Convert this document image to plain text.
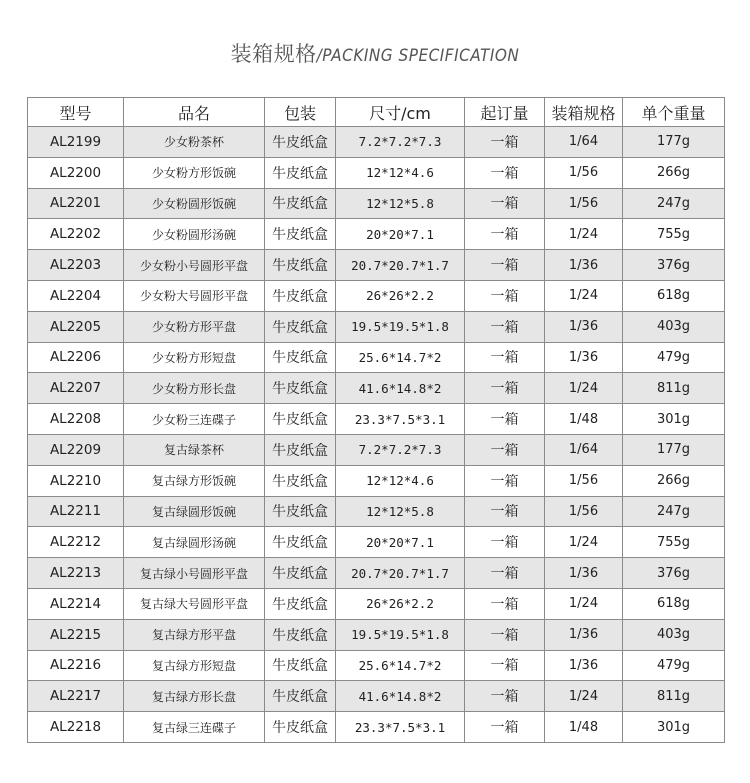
装箱规格/PACKING SPECIFICATION
型号	品名	包装	尺寸/cm	起订量	装箱规格	单个重量
AL2199	少女粉茶杯	牛皮纸盒	7.2*7.2*7.3	一箱	1/64	177g
AL2200	少女粉方形饭碗	牛皮纸盒	12*12*4.6	一箱	1/56	266g
AL2201	少女粉圆形饭碗	牛皮纸盒	12*12*5.8	一箱	1/56	247g
AL2202	少女粉圆形汤碗	牛皮纸盒	20*20*7.1	一箱	1/24	755g
AL2203	少女粉小号圆形平盘	牛皮纸盒	20.7*20.7*1.7	一箱	1/36	376g
AL2204	少女粉大号圆形平盘	牛皮纸盒	26*26*2.2	一箱	1/24	618g
AL2205	少女粉方形平盘	牛皮纸盒	19.5*19.5*1.8	一箱	1/36	403g
AL2206	少女粉方形短盘	牛皮纸盒	25.6*14.7*2	一箱	1/36	479g
AL2207	少女粉方形长盘	牛皮纸盒	41.6*14.8*2	一箱	1/24	811g
AL2208	少女粉三连碟子	牛皮纸盒	23.3*7.5*3.1	一箱	1/48	301g
AL2209	复古绿茶杯	牛皮纸盒	7.2*7.2*7.3	一箱	1/64	177g
AL2210	复古绿方形饭碗	牛皮纸盒	12*12*4.6	一箱	1/56	266g
AL2211	复古绿圆形饭碗	牛皮纸盒	12*12*5.8	一箱	1/56	247g
AL2212	复古绿圆形汤碗	牛皮纸盒	20*20*7.1	一箱	1/24	755g
AL2213	复古绿小号圆形平盘	牛皮纸盒	20.7*20.7*1.7	一箱	1/36	376g
AL2214	复古绿大号圆形平盘	牛皮纸盒	26*26*2.2	一箱	1/24	618g
AL2215	复古绿方形平盘	牛皮纸盒	19.5*19.5*1.8	一箱	1/36	403g
AL2216	复古绿方形短盘	牛皮纸盒	25.6*14.7*2	一箱	1/36	479g
AL2217	复古绿方形长盘	牛皮纸盒	41.6*14.8*2	一箱	1/24	811g
AL2218	复古绿三连碟子	牛皮纸盒	23.3*7.5*3.1	一箱	1/48	301g
